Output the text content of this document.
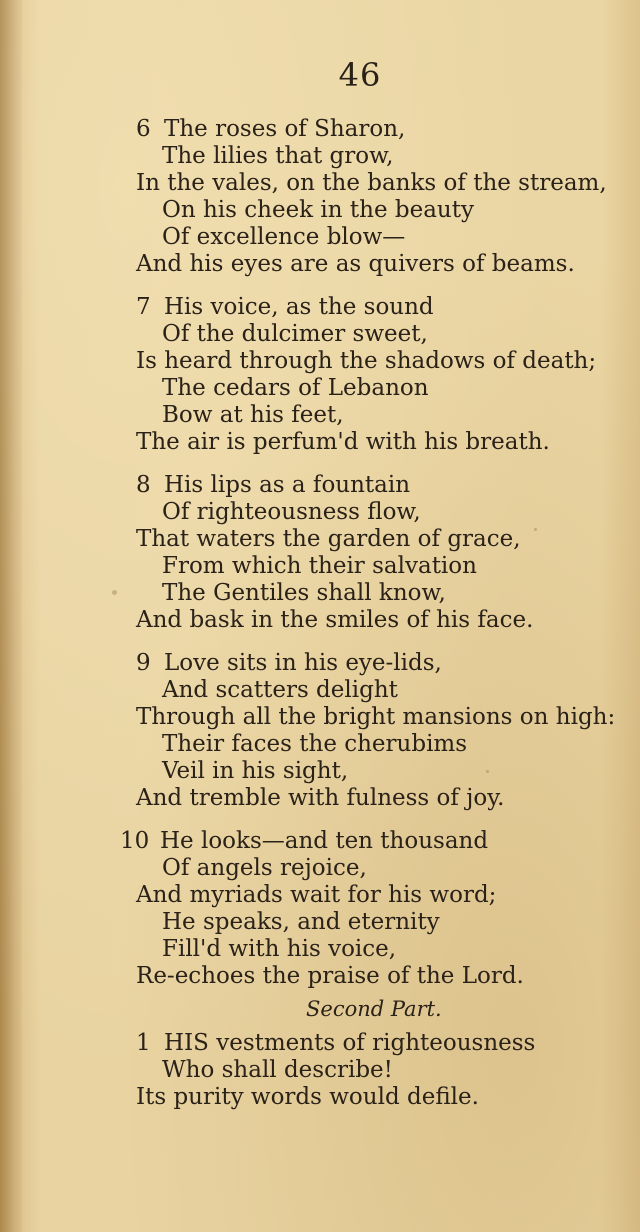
46
6 The roses of Sharon,
The lilies that grow,
In the vales, on the banks of the stream,
On his cheek in the beauty
Of excellence blow—
And his eyes are as quivers of beams.
7 His voice, as the sound
Of the dulcimer sweet,
Is heard through the shadows of death;
The cedars of Lebanon
Bow at his feet,
The air is perfum'd with his breath.
8 His lips as a fountain
Of righteousness flow,
That waters the garden of grace,
From which their salvation
The Gentiles shall know,
And bask in the smiles of his face.
9 Love sits in his eye-lids,
And scatters delight
Through all the bright mansions on high:
Their faces the cherubims
Veil in his sight,
And tremble with fulness of joy.
10 He looks—and ten thousand
Of angels rejoice,
And myriads wait for his word;
He speaks, and eternity
Fill'd with his voice,
Re-echoes the praise of the Lord.
Second Part.
1 HIS vestments of righteousness
Who shall describe!
Its purity words would defile.
